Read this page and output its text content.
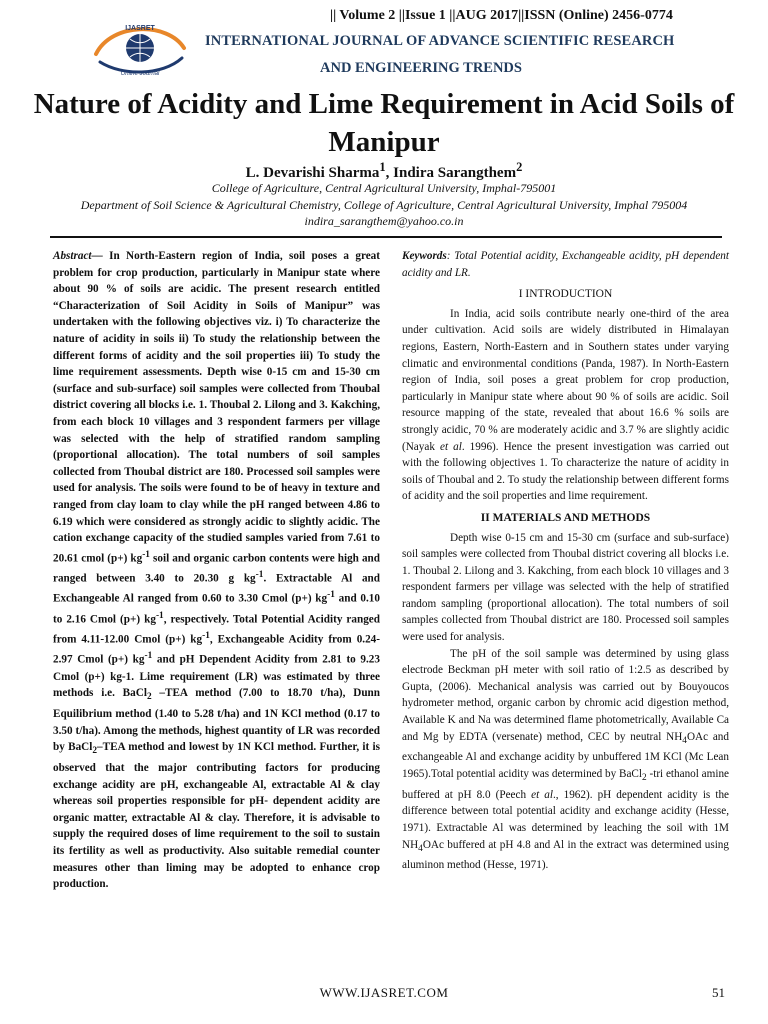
|| Volume 2 ||Issue 1 ||AUG 2017||ISSN (Online) 2456-0774
IJASRET
Online Journal
INTERNATIONAL JOURNAL OF ADVANCE SCIENTIFIC RESEARCH
AND ENGINEERING TRENDS
Nature of Acidity and Lime Requirement in Acid Soils of Manipur
L. Devarishi Sharma$^1$, Indira Sarangthem$^2$
College of Agriculture, Central Agricultural University, Imphal-795001
Department of Soil Science & Agricultural Chemistry, College of Agriculture, Central Agricultural University, Imphal 795004
indira_sarangthem@yahoo.co.in

Abstract— In North-Eastern region of India, soil poses a great problem for crop production, particularly in Manipur state where about 90 % of soils are acidic. The present research entitled “Characterization of Soil Acidity in Soils of Manipur” was undertaken with the following objectives viz. i) To characterize the nature of acidity in soils ii) To study the relationship between the different forms of acidity and the soil properties iii) To study the lime requirement assessments. Depth wise 0-15 cm and 15-30 cm (surface and sub-surface) soil samples were collected from Thoubal district covering all blocks i.e. 1. Thoubal 2. Lilong and 3. Kakching, from each block 10 villages and 3 respondent farmers per village was selected with the help of stratified random sampling (proportional allocation). The total numbers of soil samples collected from Thoubal district are 180. Processed soil samples were used for analysis. The soils were found to be of heavy in texture and ranged from clay loam to clay while the pH ranged between 4.86 to 6.19 which were considered as strongly acidic to slightly acidic. The cation exchange capacity of the studied samples varied from 7.61 to 20.61 cmol (p+) $kg^{-1}$ soil and organic carbon contents were high and ranged between 3.40 to 20.30 g $kg^{-1}$. Extractable Al and Exchangeable Al ranged from 0.60 to 3.30 Cmol (p+) $kg^{-1}$ and 0.10 to 2.16 Cmol (p+) $kg^{-1}$, respectively. Total Potential Acidity ranged from 4.11-12.00 Cmol (p+) $kg^{-1}$, Exchangeable Acidity from 0.24-2.97 Cmol (p+) $kg^{-1}$ and pH Dependent Acidity from 2.81 to 9.23 Cmol (p+) kg-1. Lime requirement (LR) was estimated by three methods i.e. BaCl$_2$ –TEA method (7.00 to 18.70 t/ha), Dunn Equilibrium method (1.40 to 5.28 t/ha) and 1N KCl method (0.17 to 3.50 t/ha). Among the methods, highest quantity of LR was recorded by BaCl$_2$–TEA method and lowest by 1N KCl method. Further, it is observed that the major contributing factors for producing exchange acidity are pH, exchangeable Al, extractable Al & clay whereas soil properties responsible for pH- dependent acidity are organic matter, extractable Al & clay. Therefore, it is advisable to supply the required doses of lime requirement to the soil to sustain its fertility as well as productivity. Also suitable remedial counter measures other than liming may be adopted to enhance crop production.

Keywords: Total Potential acidity, Exchangeable acidity, pH dependent acidity and LR.

I INTRODUCTION

In India, acid soils contribute nearly one-third of the area under cultivation. Acid soils are widely distributed in Himalayan regions, Eastern, North-Eastern and in Southern states under varying climatic and environmental conditions (Panda, 1987). In North-Eastern region of India, soil poses a great problem for crop production, particularly in Manipur state where about 90 % of soils are acidic. Soil resource mapping of the state, revealed that about 16.6 % soils are strongly acidic, 70 % are moderately acidic and 3.7 % are slightly acidic (Nayak et al. 1996). Hence the present investigation was carried out with the following objectives 1. To characterize the nature of acidity in soils of Thoubal and 2. To study the relationship between different forms of acidity and the soil properties and lime requirement.

II MATERIALS AND METHODS

Depth wise 0-15 cm and 15-30 cm (surface and sub-surface) soil samples were collected from Thoubal district covering all blocks i.e. 1. Thoubal 2. Lilong and 3. Kakching, from each block 10 villages and 3 respondent farmers per village was selected with the help of stratified random sampling (proportional allocation). The total numbers of soil samples collected from Thoubal district are 180. Processed soil samples were used for analysis.

The pH of the soil sample was determined by using glass electrode Beckman pH meter with soil ratio of 1:2.5 as described by Gupta, (2006). Mechanical analysis was carried out by Bouyoucos hydrometer method, organic carbon by chromic acid digestion method, Available K and Na was determined flame photometrically, Available Ca and Mg by EDTA (versenate) method, CEC by neutral $NH_4OAc$ and exchangeable Al and exchange acidity by unbuffered 1M KCl (Mc Lean 1965).Total potential acidity was determined by BaCl$_2$ -tri ethanol amine buffered at pH 8.0 (Peech et al., 1962). pH dependent acidity is the difference between total potential acidity and exchange acidity (Hesse, 1971). Extractable Al was determined by leaching the soil with 1M $NH_4OAc$ buffered at pH 4.8 and Al in the extract was determined using aluminon method (Hesse, 1971).

WWW.IJASRET.COM	51
